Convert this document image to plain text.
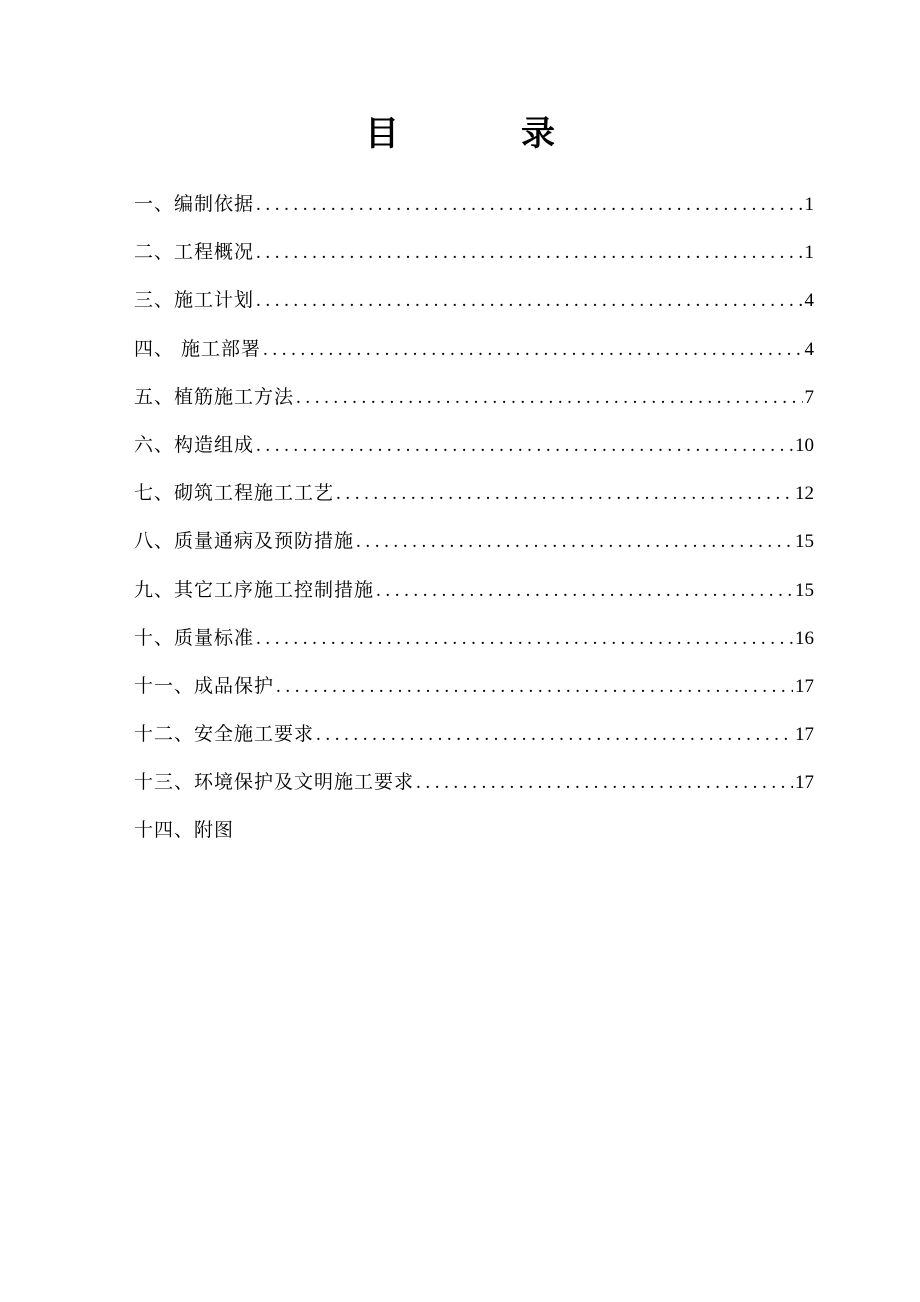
目　录
一、编制依据 .....	1
二、工程概况 .....	1
三、施工计划 .....	4
四、 施工部署 .....	4
五、植筋施工方法 .....	7
六、构造组成 .....	10
七、砌筑工程施工工艺 .....	12
八、质量通病及预防措施 .....	15
九、其它工序施工控制措施 .....	15
十、质量标准 .....	16
十一、成品保护 .....	17
十二、安全施工要求 .....	17
十三、环境保护及文明施工要求 .....	17
十四、附图
